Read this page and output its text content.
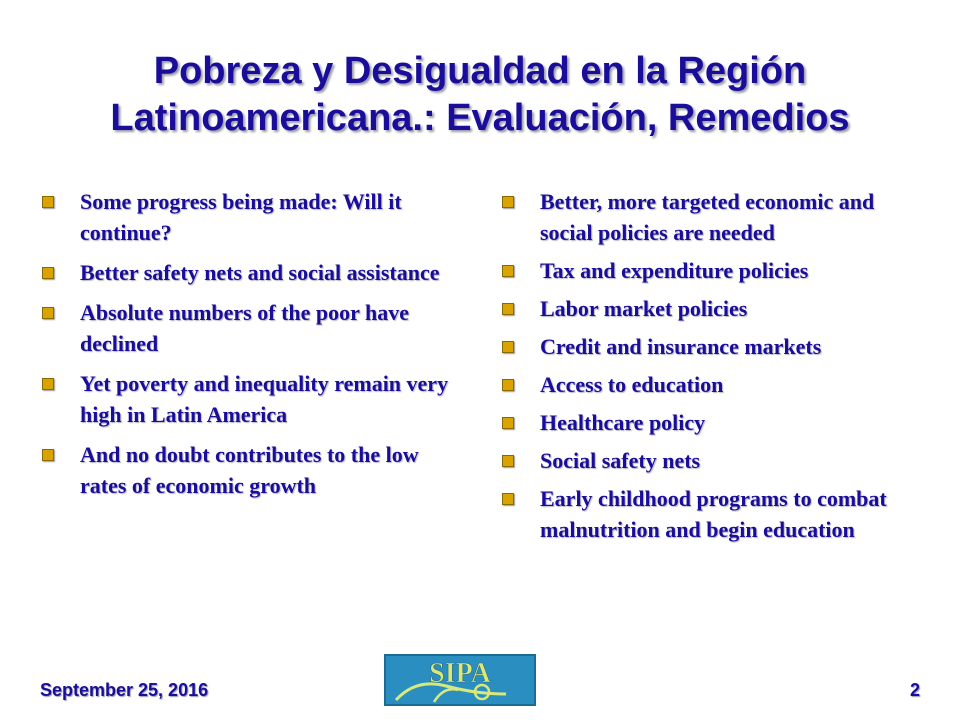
Pobreza y Desigualdad en la Región Latinoamericana.: Evaluación, Remedios
Some progress being made: Will it continue?
Better safety nets and social assistance
Absolute numbers of the poor have declined
Yet poverty and inequality remain very high in Latin America
And no doubt contributes to the low rates of economic growth
Better, more targeted economic and social policies are needed
Tax and expenditure policies
Labor market policies
Credit and insurance markets
Access to education
Healthcare policy
Social safety nets
Early childhood programs to combat malnutrition and begin education
September 25, 2016
SIPA
2
